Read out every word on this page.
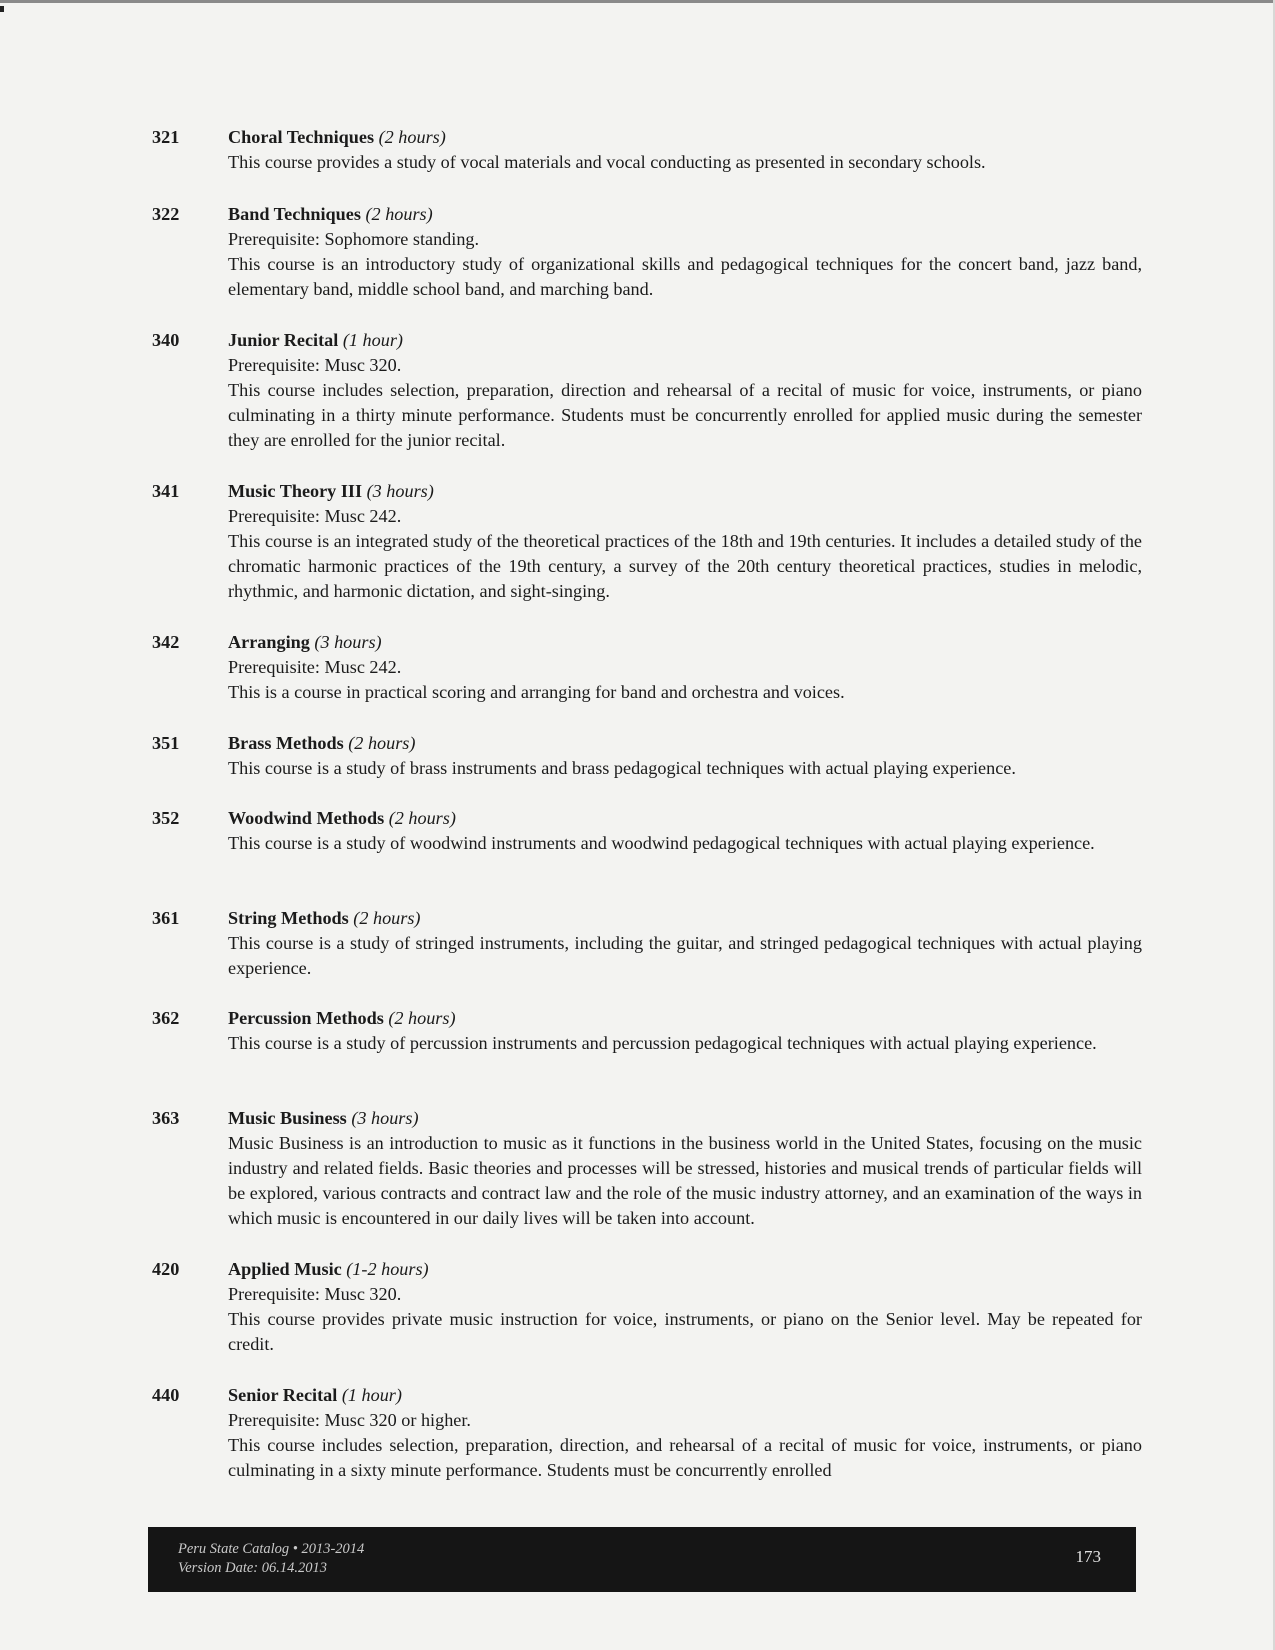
321	Choral Techniques (2 hours)
This course provides a study of vocal materials and vocal conducting as presented in secondary schools.
322	Band Techniques (2 hours)
Prerequisite: Sophomore standing.
This course is an introductory study of organizational skills and pedagogical techniques for the concert band, jazz band, elementary band, middle school band, and marching band.
340	Junior Recital (1 hour)
Prerequisite: Musc 320.
This course includes selection, preparation, direction and rehearsal of a recital of music for voice, instruments, or piano culminating in a thirty minute performance. Students must be concurrently enrolled for applied music during the semester they are enrolled for the junior recital.
341	Music Theory III (3 hours)
Prerequisite: Musc 242.
This course is an integrated study of the theoretical practices of the 18th and 19th centuries. It includes a detailed study of the chromatic harmonic practices of the 19th century, a survey of the 20th century theoretical practices, studies in melodic, rhythmic, and harmonic dictation, and sight-singing.
342	Arranging (3 hours)
Prerequisite: Musc 242.
This is a course in practical scoring and arranging for band and orchestra and voices.
351	Brass Methods (2 hours)
This course is a study of brass instruments and brass pedagogical techniques with actual playing experience.
352	Woodwind Methods (2 hours)
This course is a study of woodwind instruments and woodwind pedagogical techniques with actual playing experience.
361	String Methods (2 hours)
This course is a study of stringed instruments, including the guitar, and stringed pedagogical techniques with actual playing experience.
362	Percussion Methods (2 hours)
This course is a study of percussion instruments and percussion pedagogical techniques with actual playing experience.
363	Music Business (3 hours)
Music Business is an introduction to music as it functions in the business world in the United States, focusing on the music industry and related fields. Basic theories and processes will be stressed, histories and musical trends of particular fields will be explored, various contracts and contract law and the role of the music industry attorney, and an examination of the ways in which music is encountered in our daily lives will be taken into account.
420	Applied Music (1-2 hours)
Prerequisite: Musc 320.
This course provides private music instruction for voice, instruments, or piano on the Senior level. May be repeated for credit.
440	Senior Recital (1 hour)
Prerequisite: Musc 320 or higher.
This course includes selection, preparation, direction, and rehearsal of a recital of music for voice, instruments, or piano culminating in a sixty minute performance. Students must be concurrently enrolled
Peru State Catalog • 2013-2014
Version Date: 06.14.2013
173
